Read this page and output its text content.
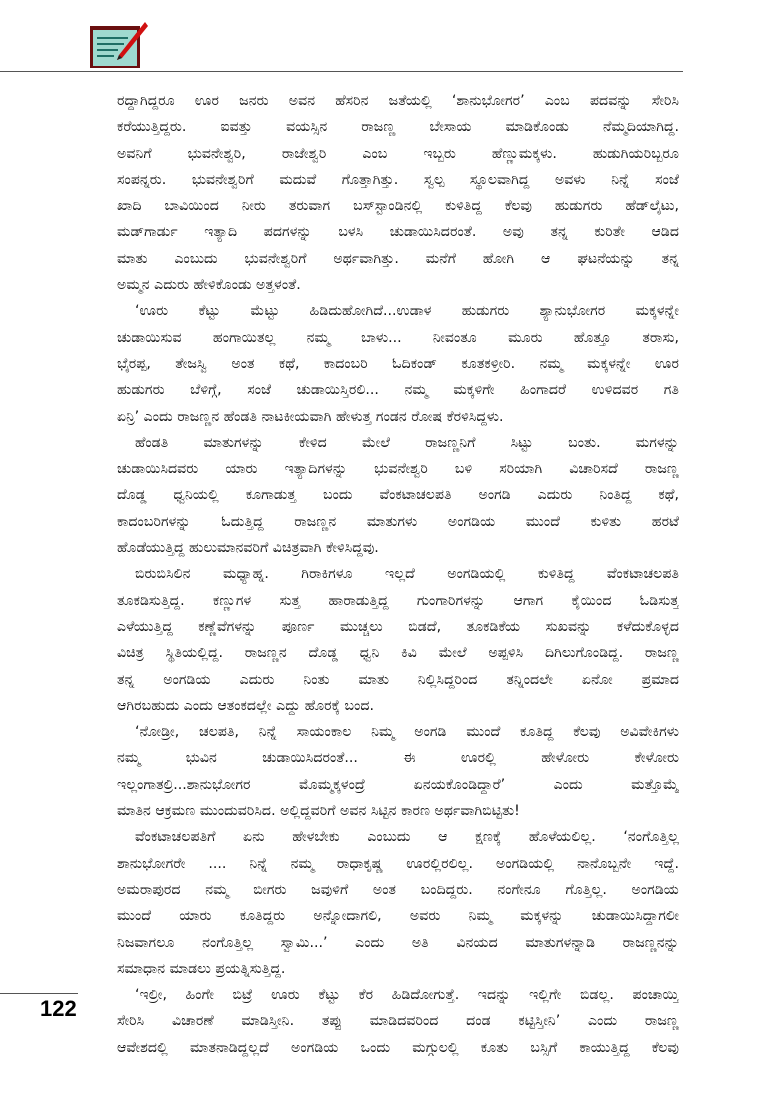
ರದ್ದಾಗಿದ್ದರೂ ಊರ ಜನರು ಅವನ ಹೆಸರಿನ ಜತೆಯಲ್ಲಿ ‘ಶಾನುಭೋಗರ’ ಎಂಬ ಪದವನ್ನು ಸೇರಿಸಿ
ಕರೆಯುತ್ತಿದ್ದರು. ಐವತ್ತು ವಯಸ್ಸಿನ ರಾಜಣ್ಣ ಬೇಸಾಯ ಮಾಡಿಕೊಂಡು ನೆಮ್ಮದಿಯಾಗಿದ್ದ.
ಅವನಿಗೆ ಭುವನೇಶ್ವರಿ, ರಾಜೇಶ್ವರಿ ಎಂಬ ಇಬ್ಬರು ಹೆಣ್ಣುಮಕ್ಕಳು. ಹುಡುಗಿಯರಿಬ್ಬರೂ
ಸಂಪನ್ನರು. ಭುವನೇಶ್ವರಿಗೆ ಮದುವೆ ಗೊತ್ತಾಗಿತ್ತು. ಸ್ವಲ್ಪ ಸ್ಥೂಲವಾಗಿದ್ದ ಅವಳು ನಿನ್ನೆ ಸಂಜೆ
ಖಾದಿ ಬಾವಿಯಿಂದ ನೀರು ತರುವಾಗ ಬಸ್‌ಸ್ಟಾಂಡಿನಲ್ಲಿ ಕುಳಿತಿದ್ದ ಕೆಲವು ಹುಡುಗರು ಹೆಡ್‌ಲೈಟು,
ಮಡ್‌ಗಾರ್ಡು ಇತ್ಯಾದಿ ಪದಗಳನ್ನು ಬಳಸಿ ಚುಡಾಯಿಸಿದರಂತೆ. ಅವು ತನ್ನ ಕುರಿತೇ ಆಡಿದ
ಮಾತು ಎಂಬುದು ಭುವನೇಶ್ವರಿಗೆ ಅರ್ಥವಾಗಿತ್ತು. ಮನೆಗೆ ಹೋಗಿ ಆ ಘಟನೆಯನ್ನು ತನ್ನ
ಅಮ್ಮನ ಎದುರು ಹೇಳಿಕೊಂಡು ಅತ್ತಳಂತೆ.
‘ಊರು ಕೆಟ್ಟು ಮೆಟ್ಟು ಹಿಡಿದುಹೋಗಿದೆ...ಉಡಾಳ ಹುಡುಗರು ಶ್ಯಾನುಭೋಗರ ಮಕ್ಕಳನ್ನೇ
ಚುಡಾಯಿಸುವ ಹಂಗಾಯಿತಲ್ಲ ನಮ್ಮ ಬಾಳು... ನೀವಂತೂ ಮೂರು ಹೊತ್ತೂ ತರಾಸು,
ಭೈರಪ್ಪ, ತೇಜಸ್ವಿ ಅಂತ ಕಥೆ, ಕಾದಂಬರಿ ಓದಿಕಂಡ್ ಕೂತಕಳ್ರೀರಿ. ನಮ್ಮ ಮಕ್ಕಳನ್ನೇ ಊರ
ಹುಡುಗರು ಬೆಳಿಗ್ಗೆ, ಸಂಜೆ ಚುಡಾಯಿಸ್ತಿರಲಿ... ನಮ್ಮ ಮಕ್ಕಳಿಗೇ ಹಿಂಗಾದರೆ ಉಳಿದವರ ಗತಿ
ಏನ್ರಿ’ ಎಂದು ರಾಜಣ್ಣನ ಹೆಂಡತಿ ನಾಟಕೀಯವಾಗಿ ಹೇಳುತ್ತ ಗಂಡನ ರೋಷ ಕೆರಳಿಸಿದ್ದಳು.
ಹೆಂಡತಿ ಮಾತುಗಳನ್ನು ಕೇಳಿದ ಮೇಲೆ ರಾಜಣ್ಣನಿಗೆ ಸಿಟ್ಟು ಬಂತು. ಮಗಳನ್ನು
ಚುಡಾಯಿಸಿದವರು ಯಾರು ಇತ್ಯಾದಿಗಳನ್ನು ಭುವನೇಶ್ವರಿ ಬಳಿ ಸರಿಯಾಗಿ ವಿಚಾರಿಸದೆ ರಾಜಣ್ಣ
ದೊಡ್ಡ ಧ್ವನಿಯಲ್ಲಿ ಕೂಗಾಡುತ್ತ ಬಂದು ವೆಂಕಟಾಚಲಪತಿ ಅಂಗಡಿ ಎದುರು ನಿಂತಿದ್ದ ಕಥೆ,
ಕಾದಂಬರಿಗಳನ್ನು ಓದುತ್ತಿದ್ದ ರಾಜಣ್ಣನ ಮಾತುಗಳು ಅಂಗಡಿಯ ಮುಂದೆ ಕುಳಿತು ಹರಟೆ
ಹೊಡೆಯುತ್ತಿದ್ದ ಹುಲುಮಾನವರಿಗೆ ವಿಚಿತ್ರವಾಗಿ ಕೇಳಿಸಿದ್ದವು.
ಬಿರುಬಿಸಿಲಿನ ಮಧ್ಯಾಹ್ನ. ಗಿರಾಕಿಗಳೂ ಇಲ್ಲದೆ ಅಂಗಡಿಯಲ್ಲಿ ಕುಳಿತಿದ್ದ ವೆಂಕಟಾಚಲಪತಿ
ತೂಕಡಿಸುತ್ತಿದ್ದ. ಕಣ್ಣುಗಳ ಸುತ್ತ ಹಾರಾಡುತ್ತಿದ್ದ ಗುಂಗಾರಿಗಳನ್ನು ಆಗಾಗ ಕೈಯಿಂದ ಓಡಿಸುತ್ತ
ಎಳೆಯುತ್ತಿದ್ದ ಕಣ್ಣೆವೆಗಳನ್ನು ಪೂರ್ಣ ಮುಚ್ಚಲು ಬಿಡದೆ, ತೂಕಡಿಕೆಯ ಸುಖವನ್ನು ಕಳೆದುಕೊಳ್ಳದ
ವಿಚಿತ್ರ ಸ್ಥಿತಿಯಲ್ಲಿದ್ದ. ರಾಜಣ್ಣನ ದೊಡ್ಡ ಧ್ವನಿ ಕಿವಿ ಮೇಲೆ ಅಪ್ಪಳಿಸಿ ದಿಗಿಲುಗೊಂಡಿದ್ದ. ರಾಜಣ್ಣ
ತನ್ನ ಅಂಗಡಿಯ ಎದುರು ನಿಂತು ಮಾತು ನಿಲ್ಲಿಸಿದ್ದರಿಂದ ತನ್ನಿಂದಲೇ ಏನೋ ಪ್ರಮಾದ
ಆಗಿರಬಹುದು ಎಂದು ಆತಂಕದಲ್ಲೇ ಎದ್ದು ಹೊರಕ್ಕೆ ಬಂದ.
‘ನೋಡ್ರೀ, ಚಲಪತಿ, ನಿನ್ನೆ ಸಾಯಂಕಾಲ ನಿಮ್ಮ ಅಂಗಡಿ ಮುಂದೆ ಕೂತಿದ್ದ ಕೆಲವು ಅವಿವೇಕಿಗಳು
ನಮ್ಮ ಭುವಿನ ಚುಡಾಯಿಸಿದರಂತೆ... ಈ ಊರಲ್ಲಿ ಹೇಳೋರು ಕೇಳೋರು
ಇಲ್ಲಂಗಾತಲ್ರಿ...ಶಾನುಭೋಗರ ಮೊಮ್ಮಕ್ಕಳಂದ್ರೆ ಏನಯಕೊಂಡಿದ್ದಾರೆ’ ಎಂದು ಮತ್ತೊಮ್ಮೆ
ಮಾತಿನ ಆಕ್ರಮಣ ಮುಂದುವರಿಸಿದ. ಅಲ್ಲಿದ್ದವರಿಗೆ ಅವನ ಸಿಟ್ಟಿನ ಕಾರಣ ಅರ್ಥವಾಗಿಬಿಟ್ಟಿತು!
ವೆಂಕಟಾಚಲಪತಿಗೆ ಏನು ಹೇಳಬೇಕು ಎಂಬುದು ಆ ಕ್ಷಣಕ್ಕೆ ಹೊಳೆಯಲಿಲ್ಲ. ‘ನಂಗೊತ್ತಿಲ್ಲ
ಶಾನುಭೋಗರೇ .... ನಿನ್ನೆ ನಮ್ಮ ರಾಧಾಕೃಷ್ಣ ಊರಲ್ಲಿರಲಿಲ್ಲ. ಅಂಗಡಿಯಲ್ಲಿ ನಾನೊಬ್ಬನೇ ಇದ್ದೆ.
ಅಮರಾಪುರದ ನಮ್ಮ ಬೀಗರು ಜವುಳಿಗೆ ಅಂತ ಬಂದಿದ್ದರು. ನಂಗೇನೂ ಗೊತ್ತಿಲ್ಲ. ಅಂಗಡಿಯ
ಮುಂದೆ ಯಾರು ಕೂತಿದ್ದರು ಅನ್ನೋದಾಗಲಿ, ಅವರು ನಿಮ್ಮ ಮಕ್ಕಳನ್ನು ಚುಡಾಯಿಸಿದ್ದಾಗಲೀ
ನಿಜವಾಗಲೂ ನಂಗೊತ್ತಿಲ್ಲ ಸ್ವಾಮಿ...’ ಎಂದು ಅತಿ ವಿನಯದ ಮಾತುಗಳನ್ನಾಡಿ ರಾಜಣ್ಣನನ್ನು
ಸಮಾಧಾನ ಮಾಡಲು ಪ್ರಯತ್ನಿಸುತ್ತಿದ್ದ.
‘ಇಲ್ರೀ, ಹಿಂಗೇ ಬಿಟ್ರೆ ಊರು ಕೆಟ್ಟು ಕೆರ ಹಿಡಿದೋಗುತ್ತೆ. ಇದನ್ನು ಇಲ್ಲಿಗೇ ಬಿಡಲ್ಲ. ಪಂಚಾಯ್ತಿ
ಸೇರಿಸಿ ವಿಚಾರಣೆ ಮಾಡಿಸ್ತೀನಿ. ತಪ್ಪು ಮಾಡಿದವರಿಂದ ದಂಡ ಕಟ್ಟಿಸ್ತೀನಿ’ ಎಂದು ರಾಜಣ್ಣ
ಆವೇಶದಲ್ಲಿ ಮಾತನಾಡಿದ್ದಲ್ಲದೆ ಅಂಗಡಿಯ ಒಂದು ಮಗ್ಗುಲಲ್ಲಿ ಕೂತು ಬಸ್ಸಿಗೆ ಕಾಯುತ್ತಿದ್ದ ಕೆಲವು
122
